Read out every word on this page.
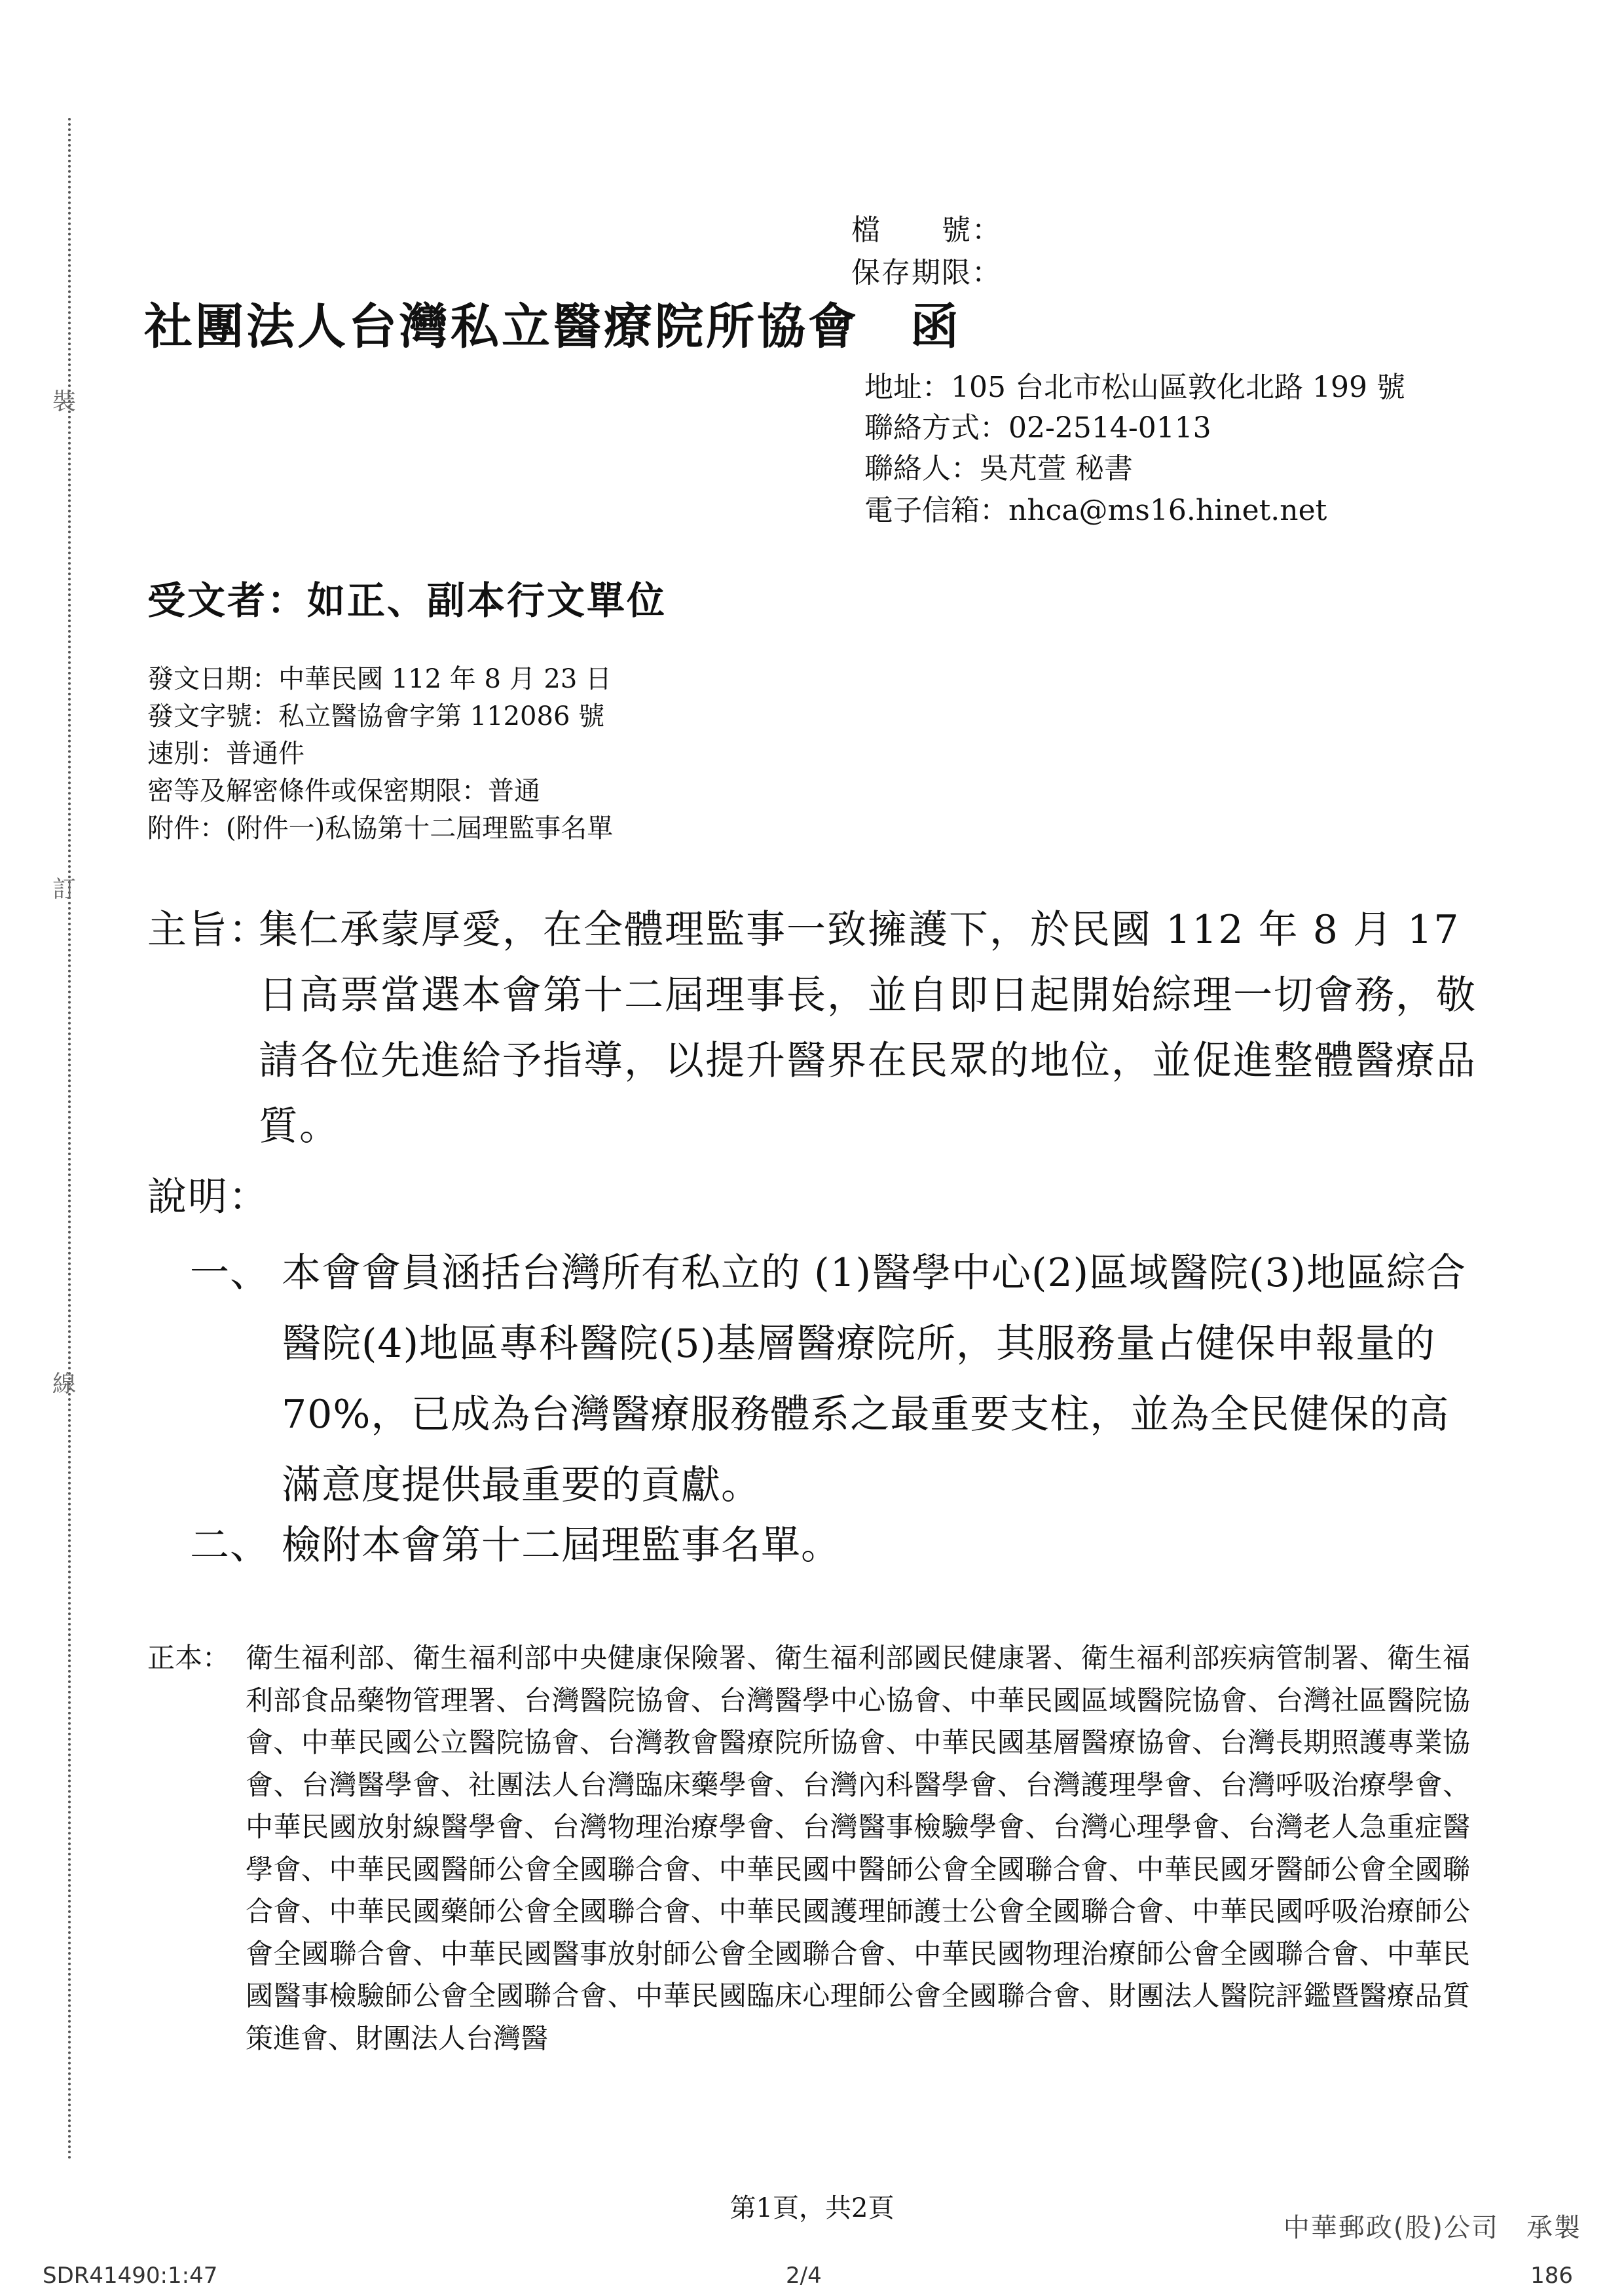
裝
訂
線
檔　　號：
保存期限：
社團法人台灣私立醫療院所協會　函
地址：105 台北市松山區敦化北路 199 號
聯絡方式：02-2514-0113
聯絡人：吳芃萱 秘書
電子信箱：nhca@ms16.hinet.net
受文者：如正、副本行文單位
發文日期：中華民國 112 年 8 月 23 日
發文字號：私立醫協會字第 112086 號
速別：普通件
密等及解密條件或保密期限：普通
附件：(附件一)私協第十二屆理監事名單
主旨：
集仁承蒙厚愛，在全體理監事一致擁護下，於民國 112 年 8 月 17 日高票當選本會第十二屆理事長，並自即日起開始綜理一切會務，敬請各位先進給予指導，以提升醫界在民眾的地位，並促進整體醫療品質。
說明：
一、 本會會員涵括台灣所有私立的 (1)醫學中心(2)區域醫院(3)地區綜合醫院(4)地區專科醫院(5)基層醫療院所，其服務量占健保申報量的 70%，已成為台灣醫療服務體系之最重要支柱，並為全民健保的高滿意度提供最重要的貢獻。
二、 檢附本會第十二屆理監事名單。
正本： 衛生福利部、衛生福利部中央健康保險署、衛生福利部國民健康署、衛生福利部疾病管制署、衛生福利部食品藥物管理署、台灣醫院協會、台灣醫學中心協會、中華民國區域醫院協會、台灣社區醫院協會、中華民國公立醫院協會、台灣教會醫療院所協會、中華民國基層醫療協會、台灣長期照護專業協會、台灣醫學會、社團法人台灣臨床藥學會、台灣內科醫學會、台灣護理學會、台灣呼吸治療學會、中華民國放射線醫學會、台灣物理治療學會、台灣醫事檢驗學會、台灣心理學會、台灣老人急重症醫學會、中華民國醫師公會全國聯合會、中華民國中醫師公會全國聯合會、中華民國牙醫師公會全國聯合會、中華民國藥師公會全國聯合會、中華民國護理師護士公會全國聯合會、中華民國呼吸治療師公會全國聯合會、中華民國醫事放射師公會全國聯合會、中華民國物理治療師公會全國聯合會、中華民國醫事檢驗師公會全國聯合會、中華民國臨床心理師公會全國聯合會、財團法人醫院評鑑暨醫療品質策進會、財團法人台灣醫
第1頁，共2頁
中華郵政(股)公司　承製
SDR41490:1:47	2/4	186
